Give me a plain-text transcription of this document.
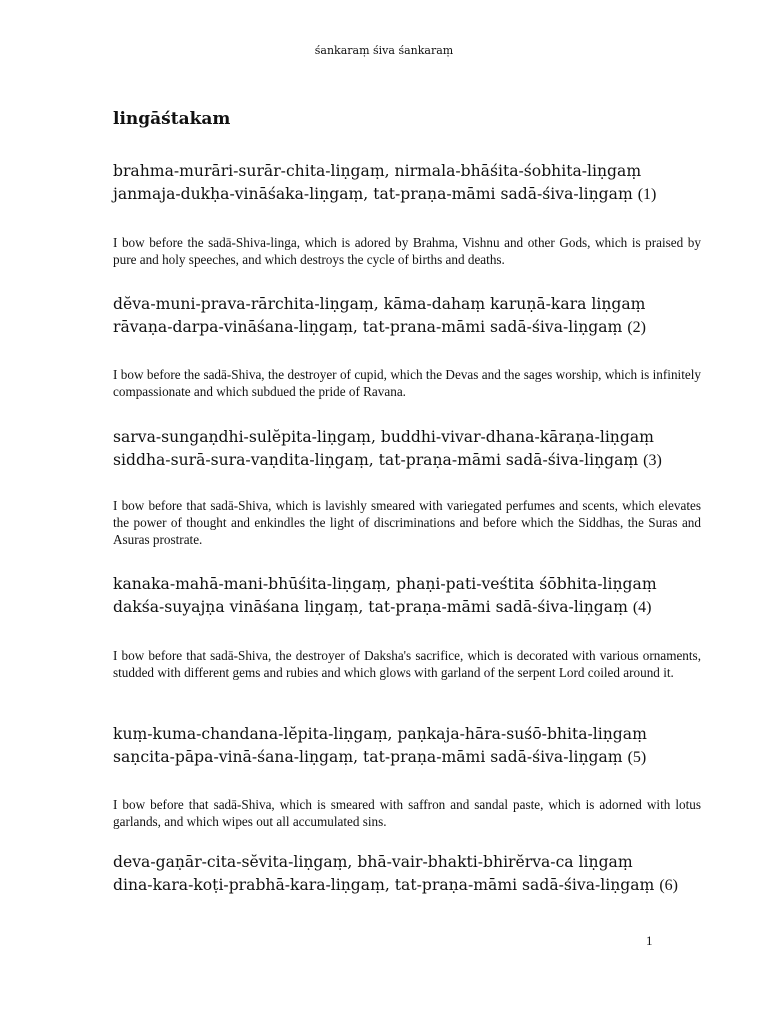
śankaraṃ śiva śankaraṃ
lingāśtakam
brahma-murāri-surār-chita-liṇgaṃ, nirmala-bhāśita-śobhita-liṇgaṃ
janmaja-dukḥa-vināśaka-liṇgaṃ, tat-praṇa-māmi sadā-śiva-liṇgaṃ (1)
I bow before the sadā-Shiva-linga, which is adored by Brahma, Vishnu and other Gods, which is praised by pure and holy speeches, and which destroys the cycle of births and deaths.
dĕva-muni-prava-rārchita-liṇgaṃ, kāma-dahaṃ karuṇā-kara liṇgaṃ
rāvaṇa-darpa-vināśana-liṇgaṃ, tat-prana-māmi sadā-śiva-liṇgaṃ (2)
I bow before the sadā-Shiva, the destroyer of cupid, which the Devas and the sages worship, which is infinitely compassionate and which subdued the pride of Ravana.
sarva-sungaṇdhi-sulĕpita-liṇgaṃ, buddhi-vivar-dhana-kāraṇa-liṇgaṃ
siddha-surā-sura-vaṇdita-liṇgaṃ, tat-praṇa-māmi sadā-śiva-liṇgaṃ (3)
I bow before that sadā-Shiva, which is lavishly smeared with variegated perfumes and scents, which elevates the power of thought and enkindles the light of discriminations and before which the Siddhas, the Suras and Asuras prostrate.
kanaka-mahā-mani-bhūśita-liṇgaṃ, phaṇi-pati-veśtita śōbhita-liṇgaṃ
dakśa-suyajṇa vināśana liṇgaṃ, tat-praṇa-māmi sadā-śiva-liṇgaṃ (4)
I bow before that sadā-Shiva, the destroyer of Daksha's sacrifice, which is decorated with various ornaments, studded with different gems and rubies and which glows with garland of the serpent Lord coiled around it.
kuṃ-kuma-chandana-lĕpita-liṇgaṃ, paṇkaja-hāra-suśō-bhita-liṇgaṃ
saṇcita-pāpa-vinā-śana-liṇgaṃ, tat-praṇa-māmi sadā-śiva-liṇgaṃ (5)
I bow before that sadā-Shiva, which is smeared with saffron and sandal paste, which is adorned with lotus garlands, and which wipes out all accumulated sins.
deva-gaṇār-cita-sĕvita-liṇgaṃ, bhā-vair-bhakti-bhirĕrva-ca liṇgaṃ
dina-kara-koṭi-prabhā-kara-liṇgaṃ, tat-praṇa-māmi sadā-śiva-liṇgaṃ (6)
1
